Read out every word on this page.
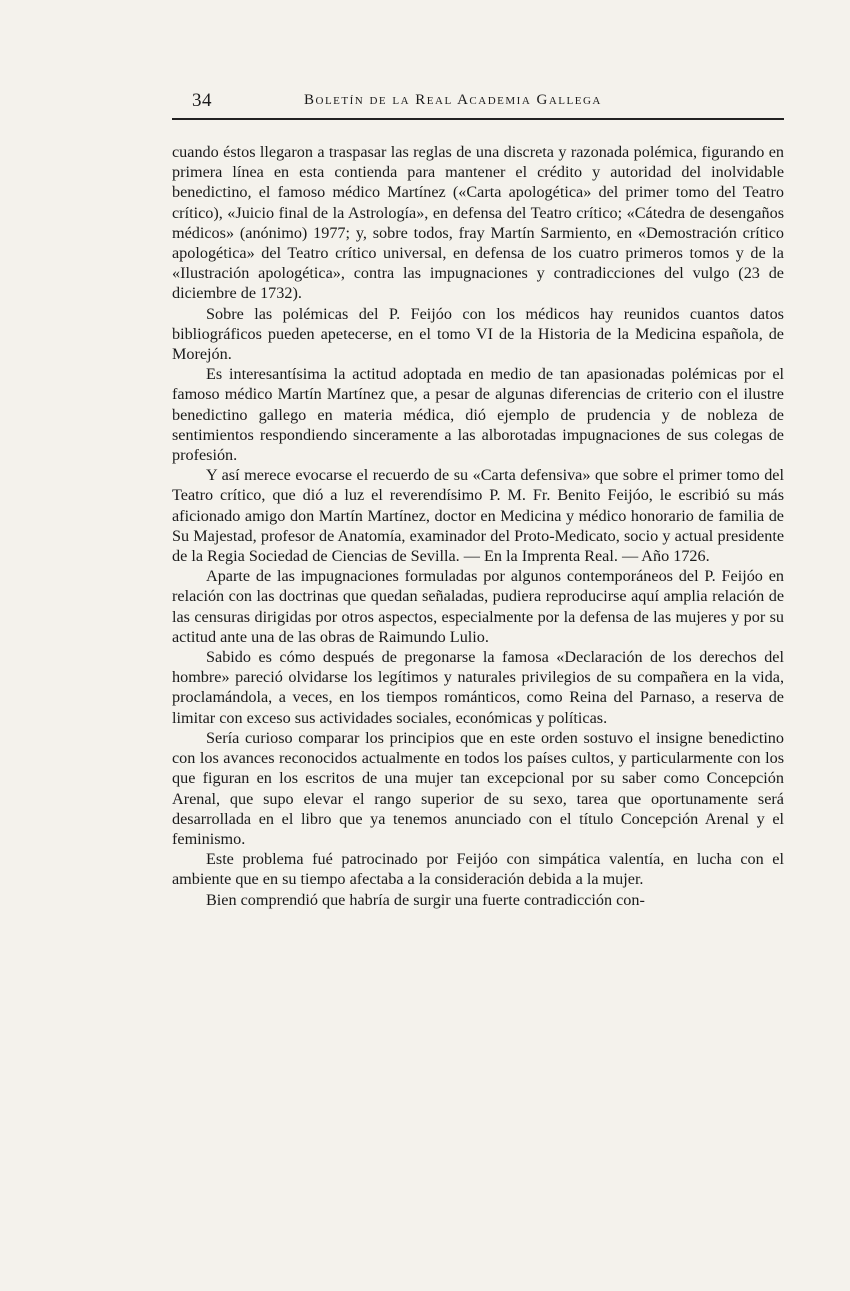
34	Boletín de la Real Academia Gallega

cuando éstos llegaron a traspasar las reglas de una discreta y razonada polémica, figurando en primera línea en esta contienda para mantener el crédito y autoridad del inolvidable benedictino, el famoso médico Martínez («Carta apologética» del primer tomo del Teatro crítico), «Juicio final de la Astrología», en defensa del Teatro crítico; «Cátedra de desengaños médicos» (anónimo) 1977; y, sobre todos, fray Martín Sarmiento, en «Demostración crítico apologética» del Teatro crítico universal, en defensa de los cuatro primeros tomos y de la «Ilustración apologética», contra las impugnaciones y contradicciones del vulgo (23 de diciembre de 1732).

Sobre las polémicas del P. Feijóo con los médicos hay reunidos cuantos datos bibliográficos pueden apetecerse, en el tomo VI de la Historia de la Medicina española, de Morejón.

Es interesantísima la actitud adoptada en medio de tan apasionadas polémicas por el famoso médico Martín Martínez que, a pesar de algunas diferencias de criterio con el ilustre benedictino gallego en materia médica, dió ejemplo de prudencia y de nobleza de sentimientos respondiendo sinceramente a las alborotadas impugnaciones de sus colegas de profesión.

Y así merece evocarse el recuerdo de su «Carta defensiva» que sobre el primer tomo del Teatro crítico, que dió a luz el reverendísimo P. M. Fr. Benito Feijóo, le escribió su más aficionado amigo don Martín Martínez, doctor en Medicina y médico honorario de familia de Su Majestad, profesor de Anatomía, examinador del Proto-Medicato, socio y actual presidente de la Regia Sociedad de Ciencias de Sevilla. — En la Imprenta Real. — Año 1726.

Aparte de las impugnaciones formuladas por algunos contemporáneos del P. Feijóo en relación con las doctrinas que quedan señaladas, pudiera reproducirse aquí amplia relación de las censuras dirigidas por otros aspectos, especialmente por la defensa de las mujeres y por su actitud ante una de las obras de Raimundo Lulio.

Sabido es cómo después de pregonarse la famosa «Declaración de los derechos del hombre» pareció olvidarse los legítimos y naturales privilegios de su compañera en la vida, proclamándola, a veces, en los tiempos románticos, como Reina del Parnaso, a reserva de limitar con exceso sus actividades sociales, económicas y políticas.

Sería curioso comparar los principios que en este orden sostuvo el insigne benedictino con los avances reconocidos actualmente en todos los países cultos, y particularmente con los que figuran en los escritos de una mujer tan excepcional por su saber como Concepción Arenal, que supo elevar el rango superior de su sexo, tarea que oportunamente será desarrollada en el libro que ya tenemos anunciado con el título Concepción Arenal y el feminismo.

Este problema fué patrocinado por Feijóo con simpática valentía, en lucha con el ambiente que en su tiempo afectaba a la consideración debida a la mujer.

Bien comprendió que habría de surgir una fuerte contradicción con-
